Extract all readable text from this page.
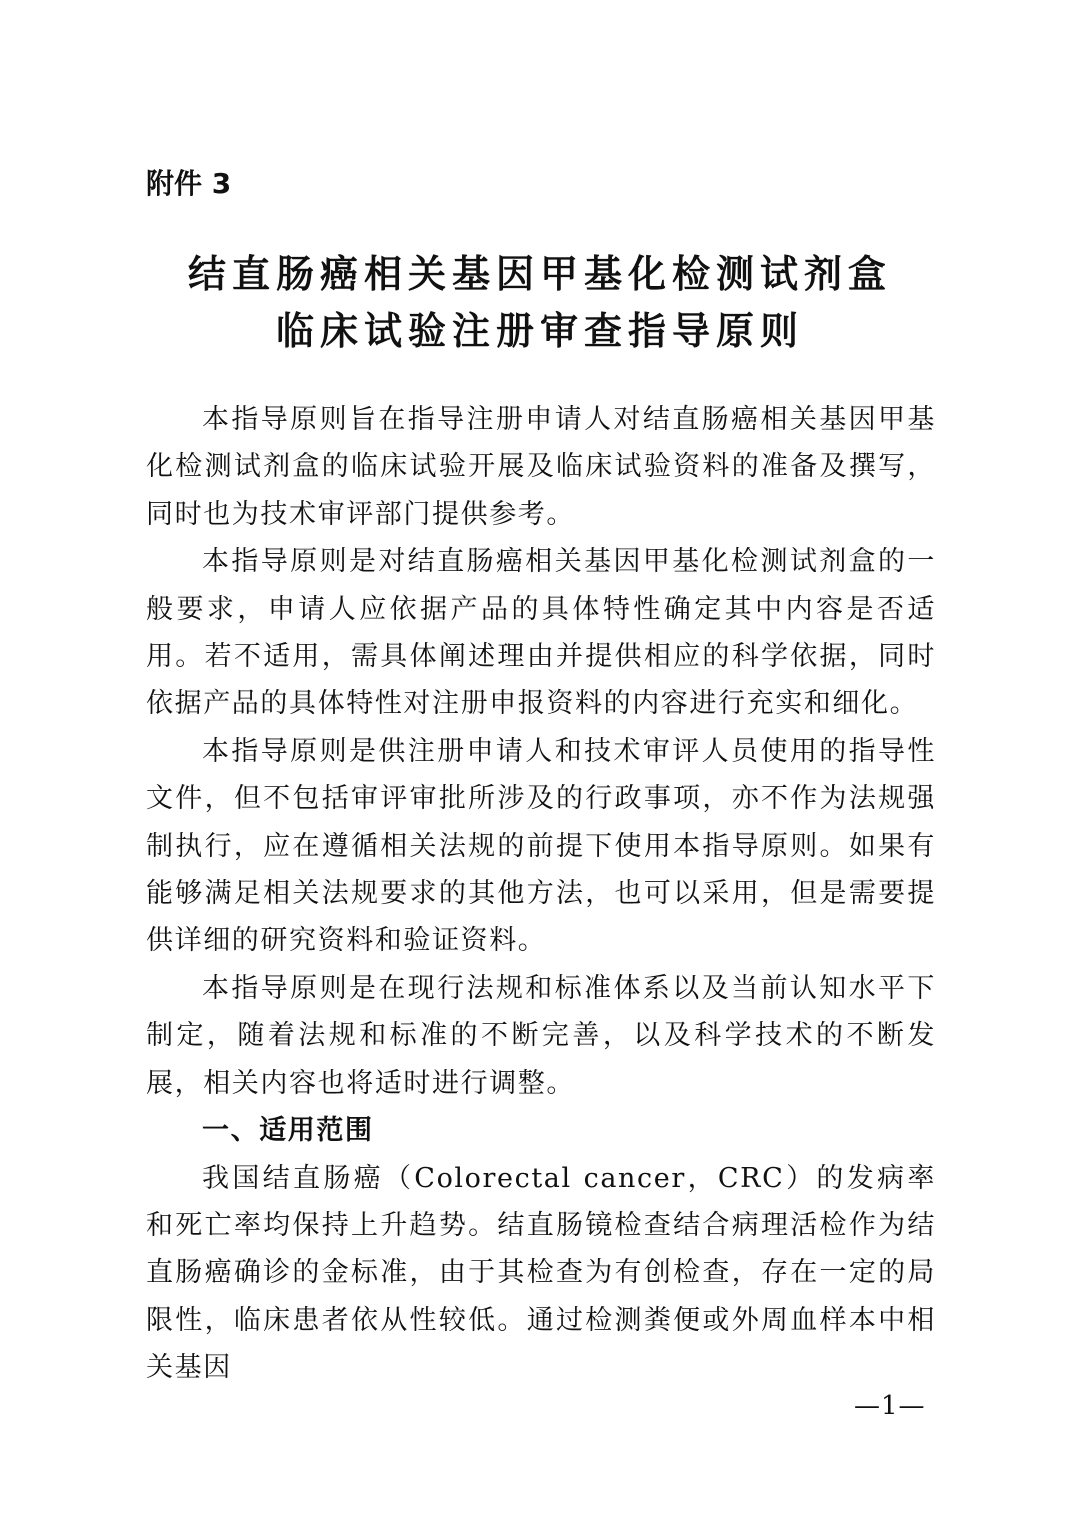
附件 3
结直肠癌相关基因甲基化检测试剂盒
临床试验注册审查指导原则

本指导原则旨在指导注册申请人对结直肠癌相关基因甲基化检测试剂盒的临床试验开展及临床试验资料的准备及撰写，同时也为技术审评部门提供参考。

本指导原则是对结直肠癌相关基因甲基化检测试剂盒的一般要求，申请人应依据产品的具体特性确定其中内容是否适用。若不适用，需具体阐述理由并提供相应的科学依据，同时依据产品的具体特性对注册申报资料的内容进行充实和细化。

本指导原则是供注册申请人和技术审评人员使用的指导性文件，但不包括审评审批所涉及的行政事项，亦不作为法规强制执行，应在遵循相关法规的前提下使用本指导原则。如果有能够满足相关法规要求的其他方法，也可以采用，但是需要提供详细的研究资料和验证资料。

本指导原则是在现行法规和标准体系以及当前认知水平下制定，随着法规和标准的不断完善，以及科学技术的不断发展，相关内容也将适时进行调整。

一、适用范围

我国结直肠癌（Colorectal cancer，CRC）的发病率和死亡率均保持上升趋势。结直肠镜检查结合病理活检作为结直肠癌确诊的金标准，由于其检查为有创检查，存在一定的局限性，临床患者依从性较低。通过检测粪便或外周血样本中相关基因

—1—
